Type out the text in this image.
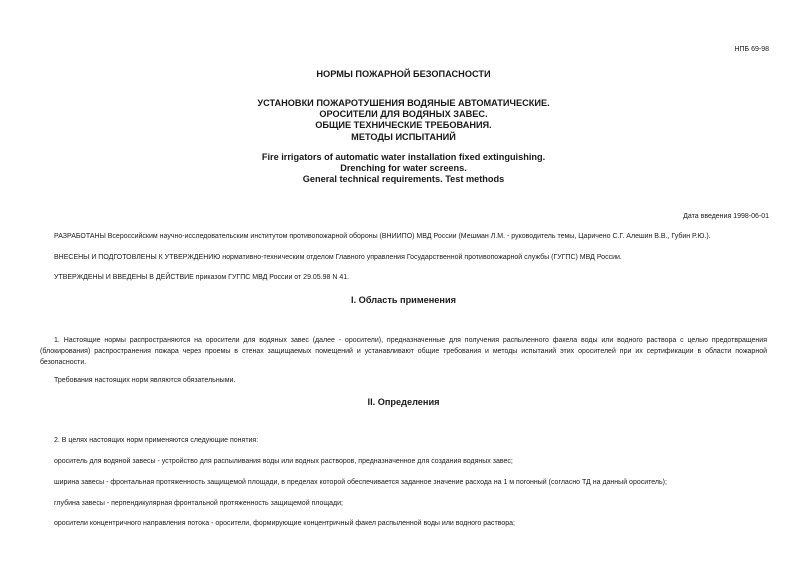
НПБ 69-98
НОРМЫ ПОЖАРНОЙ БЕЗОПАСНОСТИ
УСТАНОВКИ ПОЖАРОТУШЕНИЯ ВОДЯНЫЕ АВТОМАТИЧЕСКИЕ.
ОРОСИТЕЛИ ДЛЯ ВОДЯНЫХ ЗАВЕС.
ОБЩИЕ ТЕХНИЧЕСКИЕ ТРЕБОВАНИЯ.
МЕТОДЫ ИСПЫТАНИЙ
Fire irrigators of automatic water installation fixed extinguishing.
Drenching for water screens.
General technical requirements. Test methods
Дата введения 1998-06-01
РАЗРАБОТАНЫ Всероссийским научно-исследовательским институтом противопожарной обороны (ВНИИПО) МВД России (Мешман Л.М. - руководитель темы, Царичено С.Г. Алешин В.В., Губин Р.Ю.).
ВНЕСЕНЫ И ПОДГОТОВЛЕНЫ К УТВЕРЖДЕНИЮ нормативно-техническим отделом Главного управления Государственной противопожарной службы (ГУГПС) МВД России.
УТВЕРЖДЕНЫ И ВВЕДЕНЫ В ДЕЙСТВИЕ приказом ГУГПС МВД России от 29.05.98 N 41.
I. Область применения
1. Настоящие нормы распространяются на оросители для водяных завес (далее - оросители), предназначенные для получения распыленного факела воды или водного раствора с целью предотвращения (блокирования) распространения пожара через проемы в стенах защищаемых помещений и устанавливают общие требования и методы испытаний этих оросителей при их сертификации в области пожарной безопасности.
Требования настоящих норм являются обязательными.
II. Определения
2. В целях настоящих норм применяются следующие понятия:
ороситель для водяной завесы - устройство для распыливания воды или водных растворов, предназначенное для создания водяных завес;
ширина завесы - фронтальная протяженность защищемой площади, в пределах которой обеспечивается заданное значение расхода на 1 м погонный (согласно ТД на данный ороситель);
глубина завесы - перпендикулярная фронтальной протяженность защищемой площади;
оросители концентричного направления потока - оросители, формирующие концентричный факел распыленной воды или водного раствора;
